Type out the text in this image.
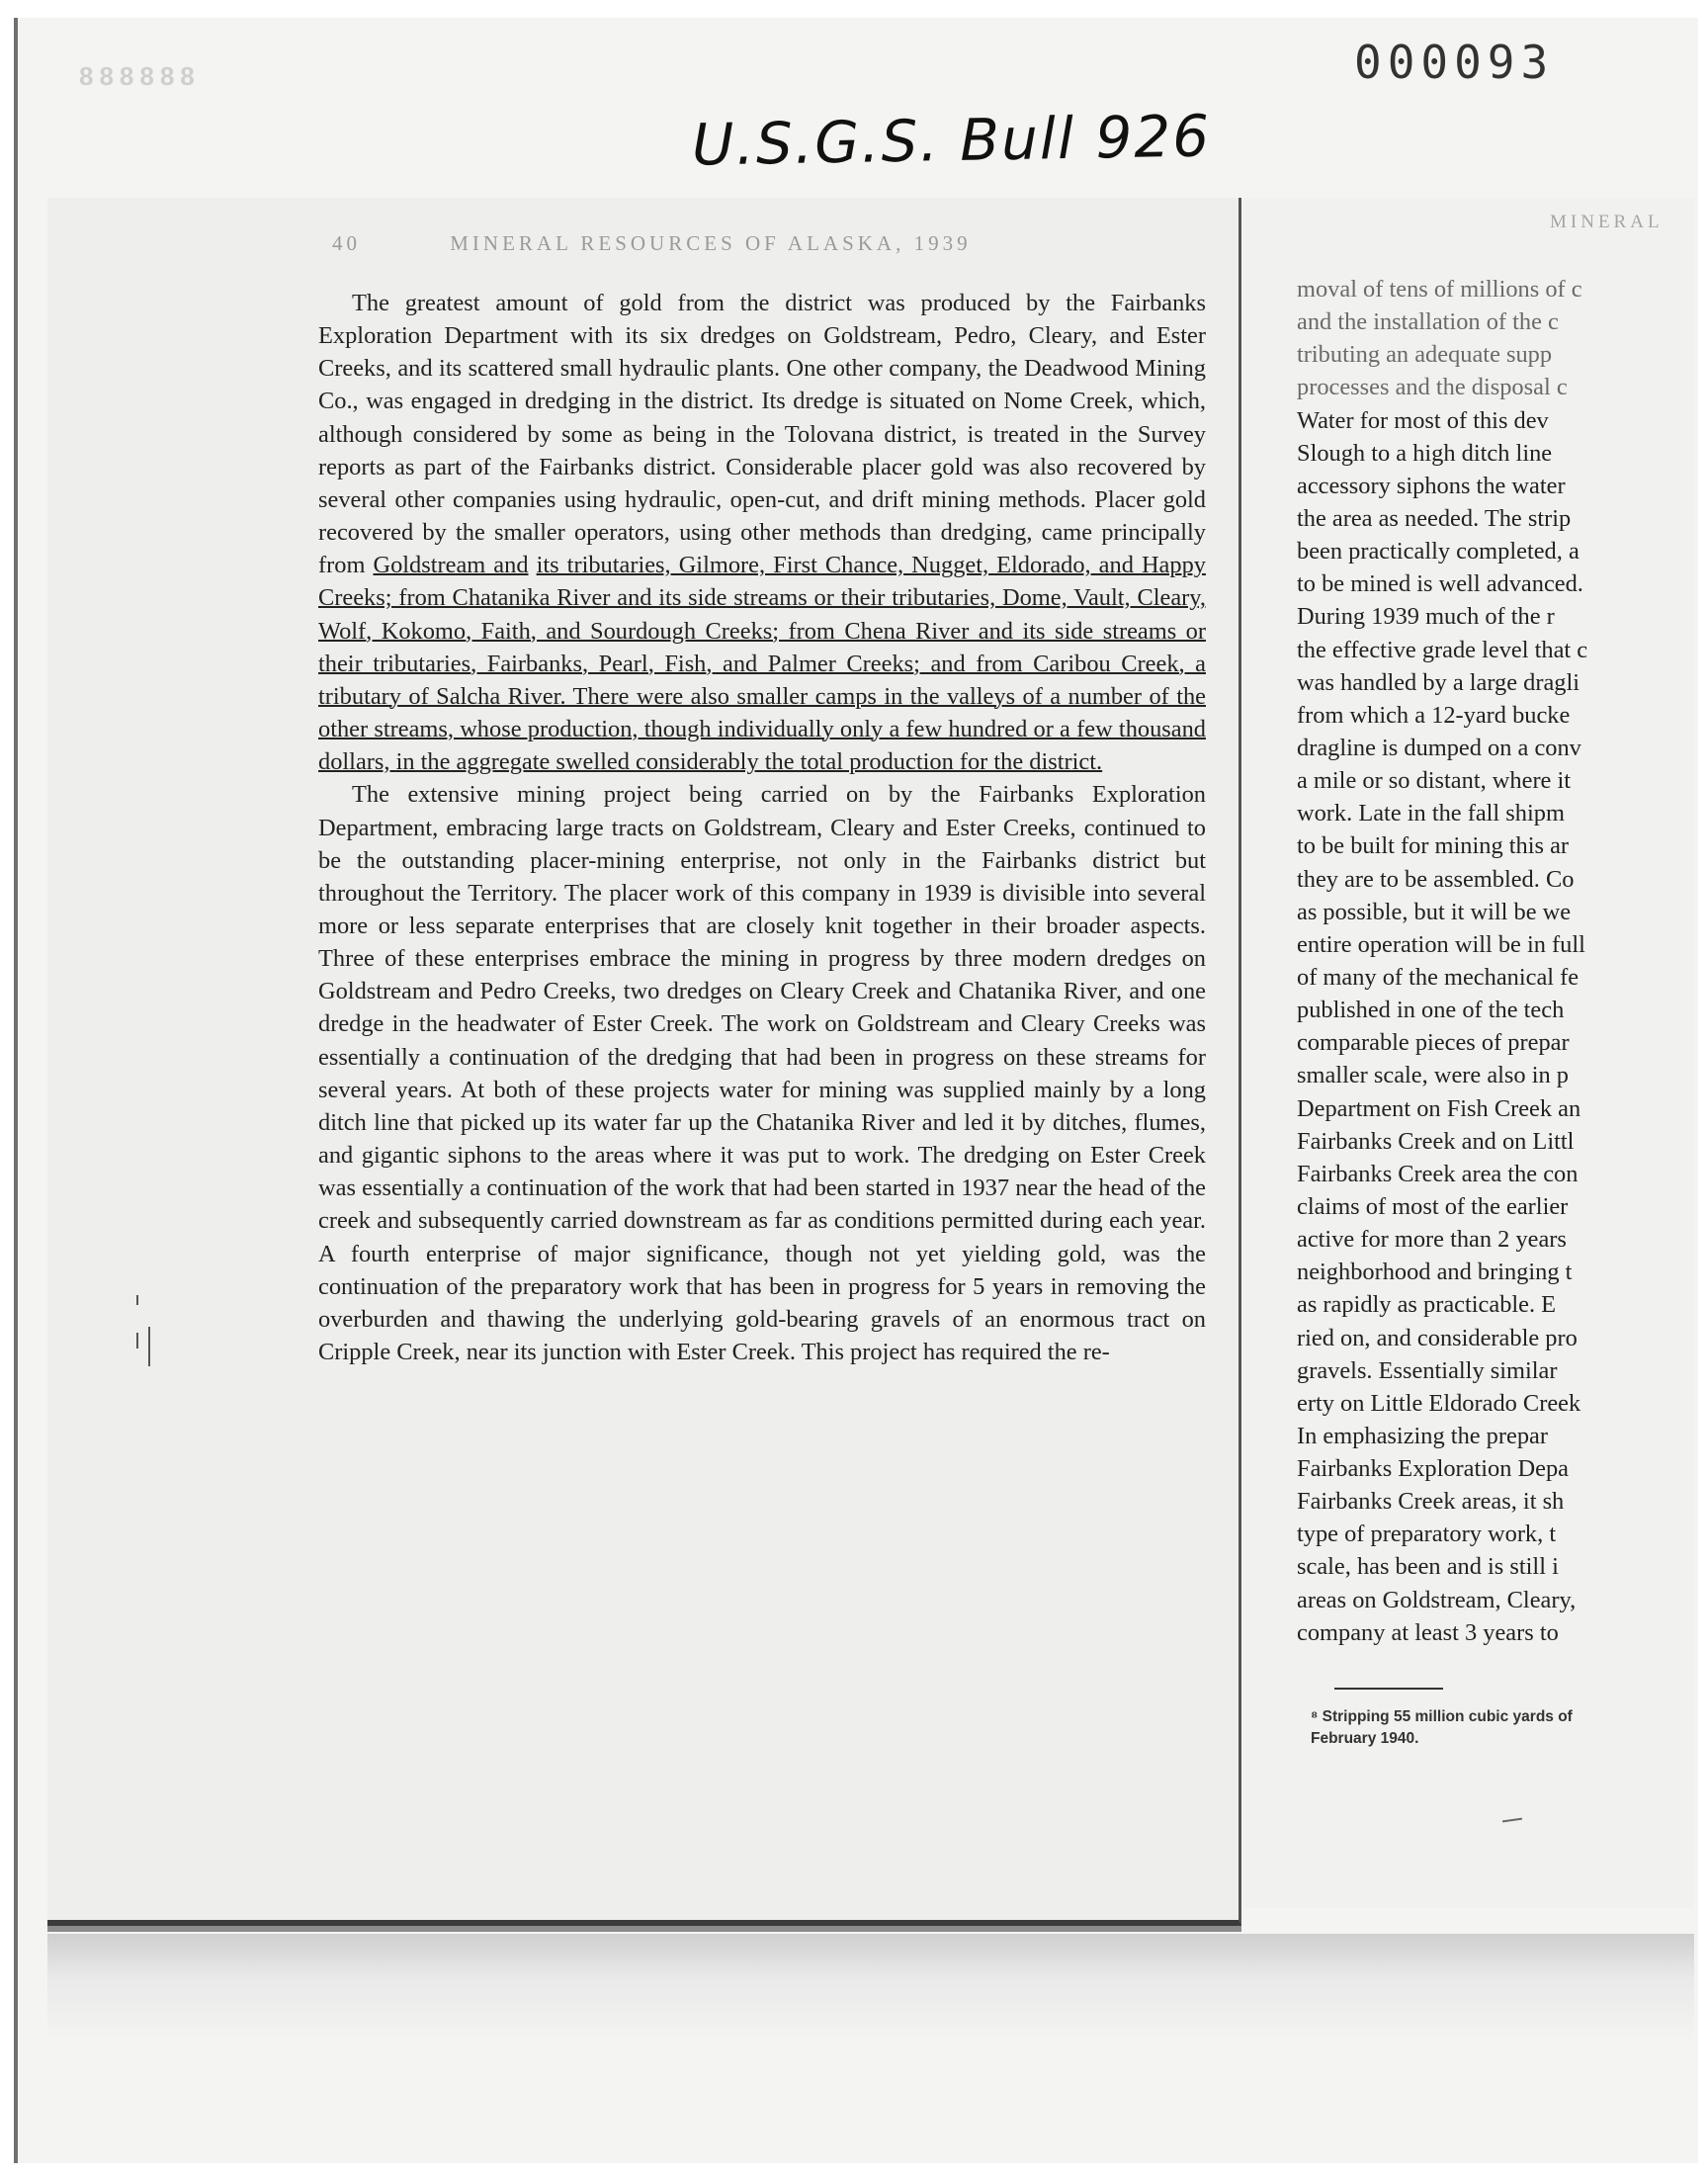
888888	000093
U.S.G.S. Bull 926
40	MINERAL RESOURCES OF ALASKA, 1939

The greatest amount of gold from the district was produced by the Fairbanks Exploration Department with its six dredges on Goldstream, Pedro, Cleary, and Ester Creeks, and its scattered small hydraulic plants. One other company, the Deadwood Mining Co., was engaged in dredging in the district. Its dredge is situated on Nome Creek, which, although considered by some as being in the Tolovana district, is treated in the Survey reports as part of the Fairbanks district. Considerable placer gold was also recovered by several other companies using hydraulic, open-cut, and drift mining methods. Placer gold recovered by the smaller operators, using other methods than dredging, came principally from Goldstream and its tributaries, Gilmore, First Chance, Nugget, Eldorado, and Happy Creeks; from Chatanika River and its side streams or their tributaries, Dome, Vault, Cleary, Wolf, Kokomo, Faith, and Sourdough Creeks; from Chena River and its side streams or their tributaries, Fairbanks, Pearl, Fish, and Palmer Creeks; and from Caribou Creek, a tributary of Salcha River. There were also smaller camps in the valleys of a number of the other streams, whose production, though individually only a few hundred or a few thousand dollars, in the aggregate swelled considerably the total production for the district.

The extensive mining project being carried on by the Fairbanks Exploration Department, embracing large tracts on Goldstream, Cleary and Ester Creeks, continued to be the outstanding placer-mining enterprise, not only in the Fairbanks district but throughout the Territory. The placer work of this company in 1939 is divisible into several more or less separate enterprises that are closely knit together in their broader aspects. Three of these enterprises embrace the mining in progress by three modern dredges on Goldstream and Pedro Creeks, two dredges on Cleary Creek and Chatanika River, and one dredge in the headwater of Ester Creek. The work on Goldstream and Cleary Creeks was essentially a continuation of the dredging that had been in progress on these streams for several years. At both of these projects water for mining was supplied mainly by a long ditch line that picked up its water far up the Chatanika River and led it by ditches, flumes, and gigantic siphons to the areas where it was put to work. The dredging on Ester Creek was essentially a continuation of the work that had been started in 1937 near the head of the creek and subsequently carried downstream as far as conditions permitted during each year. A fourth enterprise of major significance, though not yet yielding gold, was the continuation of the preparatory work that has been in progress for 5 years in removing the overburden and thawing the underlying gold-bearing gravels of an enormous tract on Cripple Creek, near its junction with Ester Creek. This project has required the re-

MINERAL
moval of tens of millions of c
and the installation of the c
tributing an adequate supp
processes and the disposal c
Water for most of this dev
Slough to a high ditch line
accessory siphons the water
the area as needed. The strip
been practically completed, a
to be mined is well advanced.
During 1939 much of the r
the effective grade level that c
was handled by a large dragli
from which a 12-yard bucke
dragline is dumped on a conv
a mile or so distant, where it
work. Late in the fall shipm
to be built for mining this ar
they are to be assembled. Co
as possible, but it will be we
entire operation will be in full
of many of the mechanical fe
published in one of the tech
comparable pieces of prepar
smaller scale, were also in p
Department on Fish Creek an
Fairbanks Creek and on Littl
Fairbanks Creek area the con
claims of most of the earlier
active for more than 2 years
neighborhood and bringing t
as rapidly as practicable. E
ried on, and considerable pro
gravels. Essentially similar
erty on Little Eldorado Creek
In emphasizing the prepar
Fairbanks Exploration Depa
Fairbanks Creek areas, it sh
type of preparatory work, t
scale, has been and is still i
areas on Goldstream, Cleary,
company at least 3 years to
⁸ Stripping 55 million cubic yards of
February 1940.
